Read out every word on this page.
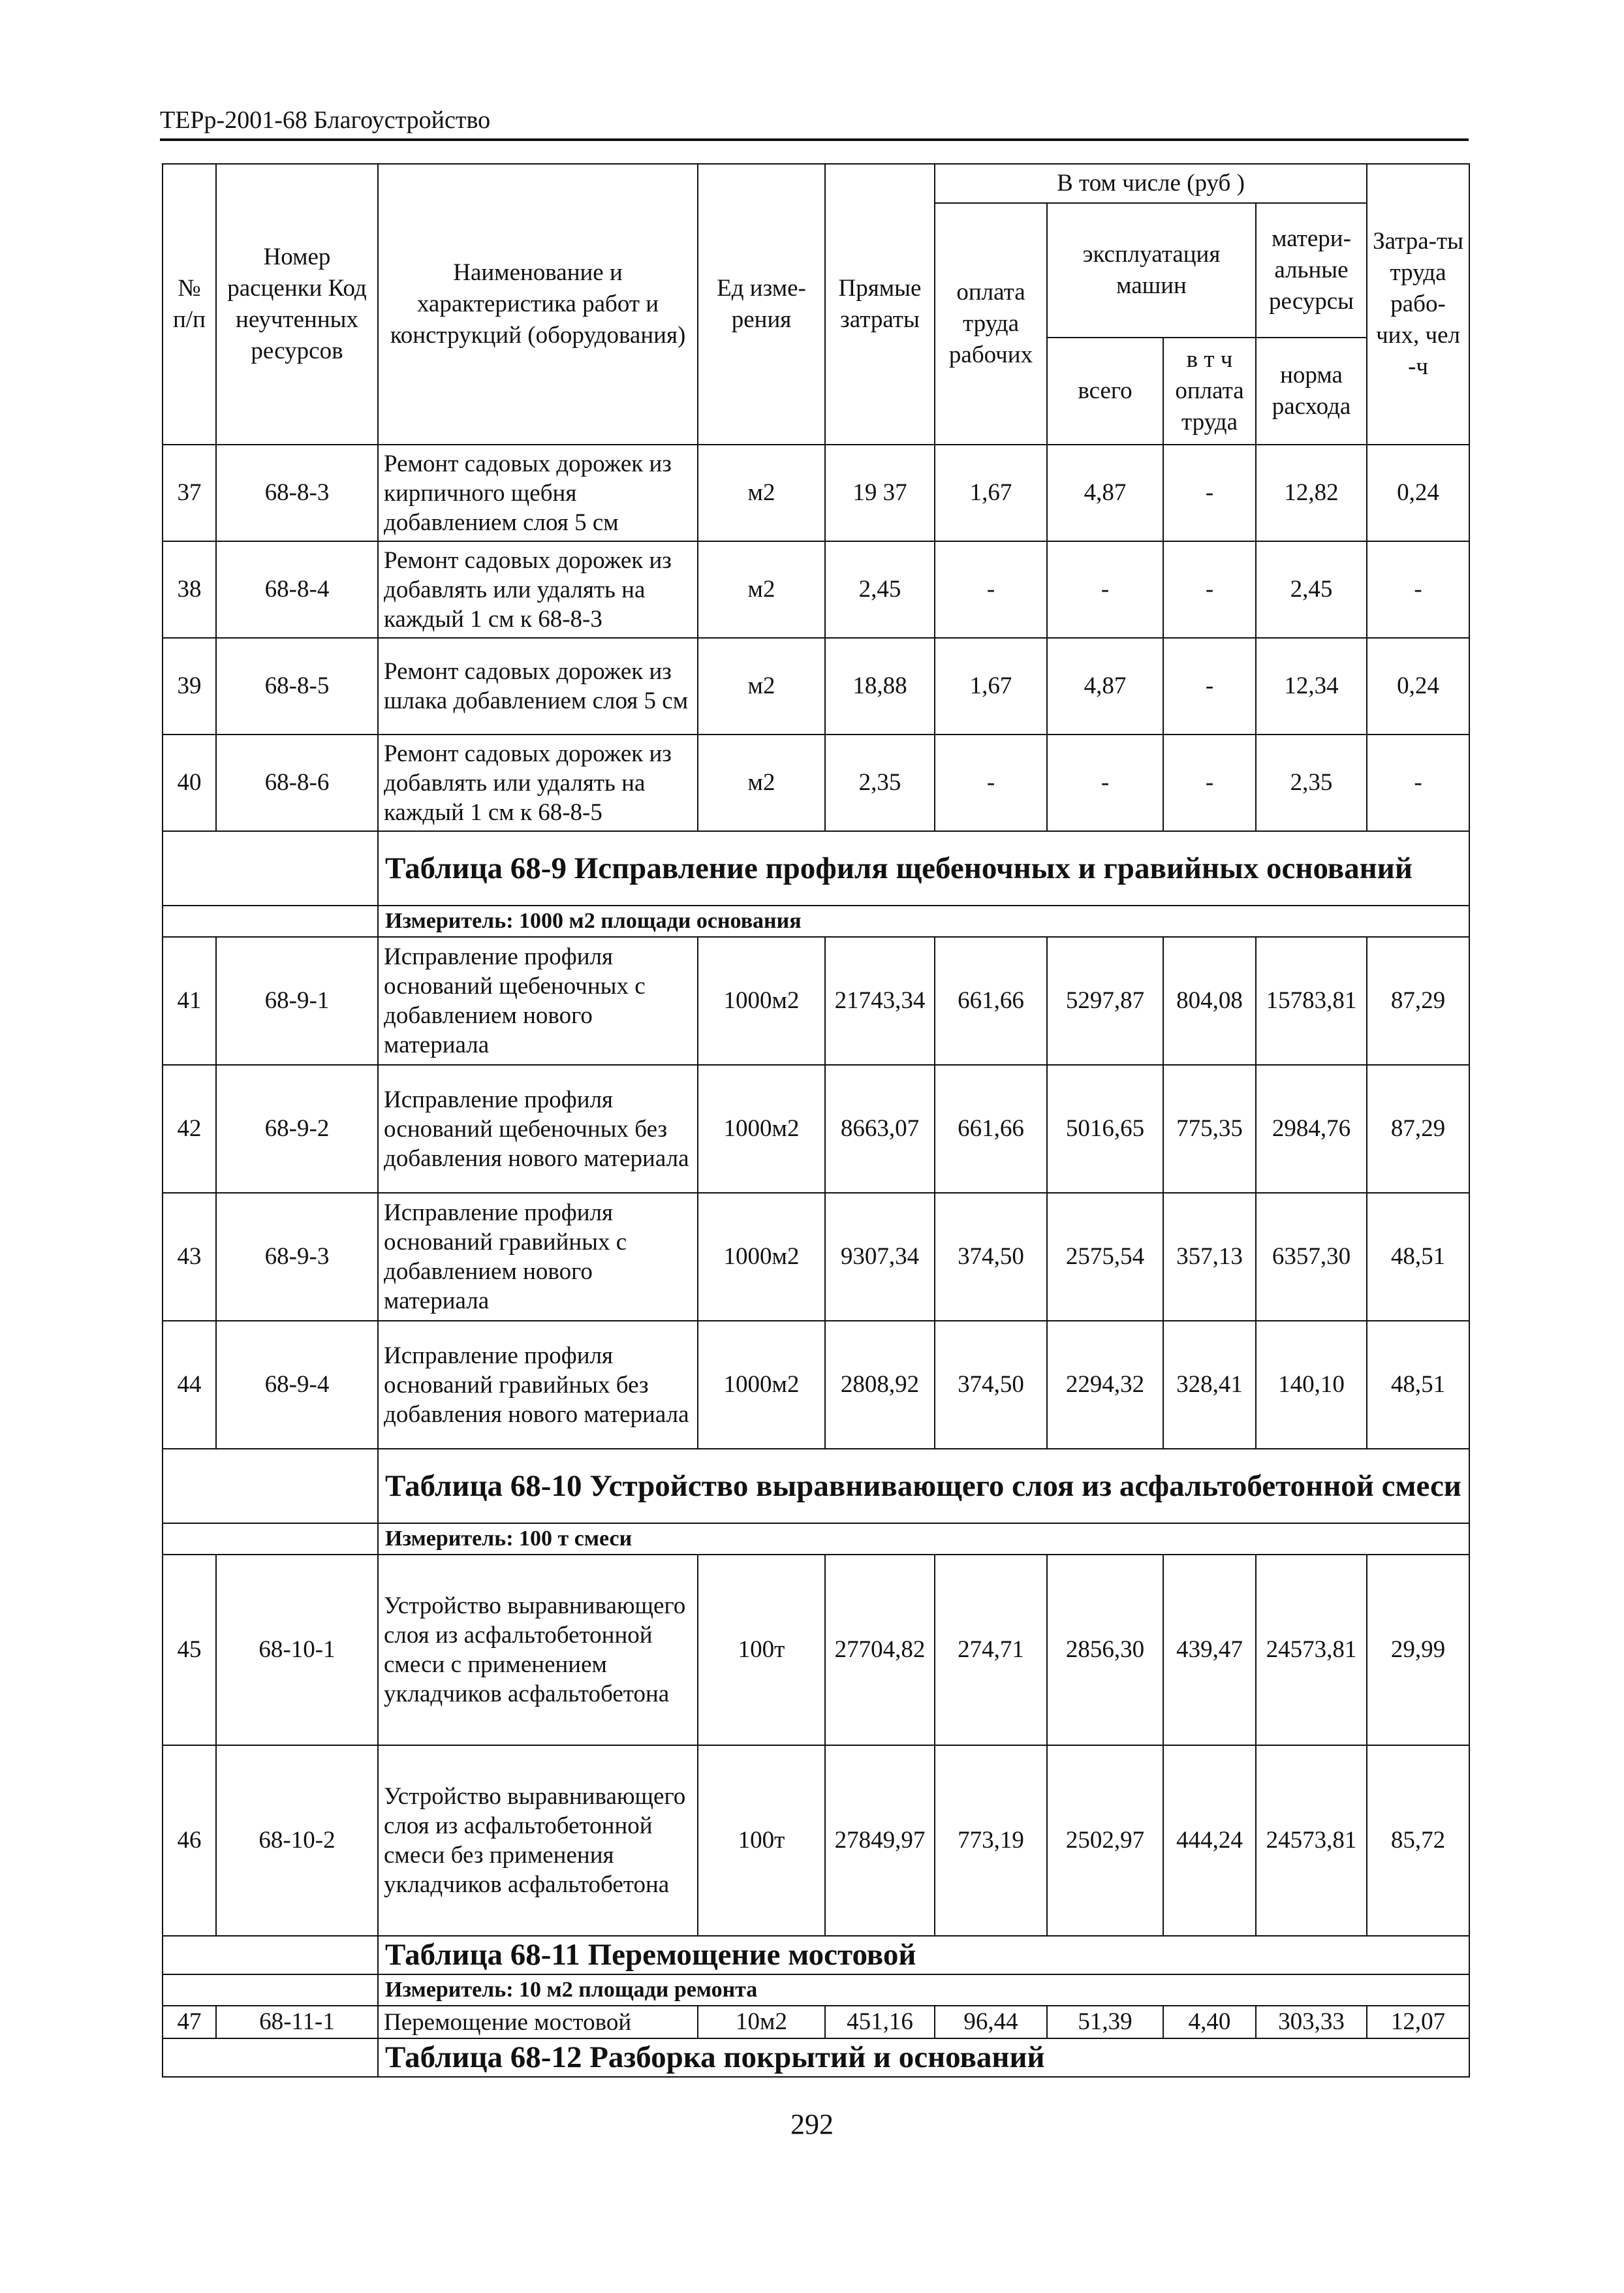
ТЕРр-2001-68 Благоустройство
№ п/п	Номер расценки Код неучтенных ресурсов	Наименование и характеристика работ и конструкций (оборудования)	Ед изме-рения	Прямые затраты	В том числе (руб )				Затра-ты труда рабо-чих, чел -ч
					оплата труда рабочих	эксплуатация машин		матери-альные ресурсы	
						всего	в т ч оплата труда	норма расхода	
37	68-8-3	Ремонт садовых дорожек из кирпичного щебня добавлением слоя 5 см	м2	19 37	1,67	4,87	-	12,82	0,24
38	68-8-4	Ремонт садовых дорожек из добавлять или удалять на каждый 1 см к 68-8-3	м2	2,45	-	-	-	2,45	-
39	68-8-5	Ремонт садовых дорожек из шлака добавлением слоя 5 см	м2	18,88	1,67	4,87	-	12,34	0,24
40	68-8-6	Ремонт садовых дорожек из добавлять или удалять на каждый 1 см к 68-8-5	м2	2,35	-	-	-	2,35	-
		Таблица 68-9 Исправление профиля щебеночных и гравийных оснований							
		Измеритель: 1000 м2 площади основания							
41	68-9-1	Исправление профиля оснований щебеночных с добавлением нового материала	1000м2	21743,34	661,66	5297,87	804,08	15783,81	87,29
42	68-9-2	Исправление профиля оснований щебеночных без добавления нового материала	1000м2	8663,07	661,66	5016,65	775,35	2984,76	87,29
43	68-9-3	Исправление профиля оснований гравийных с добавлением нового материала	1000м2	9307,34	374,50	2575,54	357,13	6357,30	48,51
44	68-9-4	Исправление профиля оснований гравийных без добавления нового материала	1000м2	2808,92	374,50	2294,32	328,41	140,10	48,51
		Таблица 68-10 Устройство выравнивающего слоя из асфальтобетонной смеси							
		Измеритель: 100 т смеси							
45	68-10-1	Устройство выравнивающего слоя из асфальтобетонной смеси с применением укладчиков асфальтобетона	100т	27704,82	274,71	2856,30	439,47	24573,81	29,99
46	68-10-2	Устройство выравнивающего слоя из асфальтобетонной смеси без применения укладчиков асфальтобетона	100т	27849,97	773,19	2502,97	444,24	24573,81	85,72
		Таблица 68-11 Перемощение мостовой							
		Измеритель: 10 м2 площади ремонта							
47	68-11-1	Перемощение мостовой	10м2	451,16	96,44	51,39	4,40	303,33	12,07
		Таблица 68-12 Разборка покрытий и оснований							
292
